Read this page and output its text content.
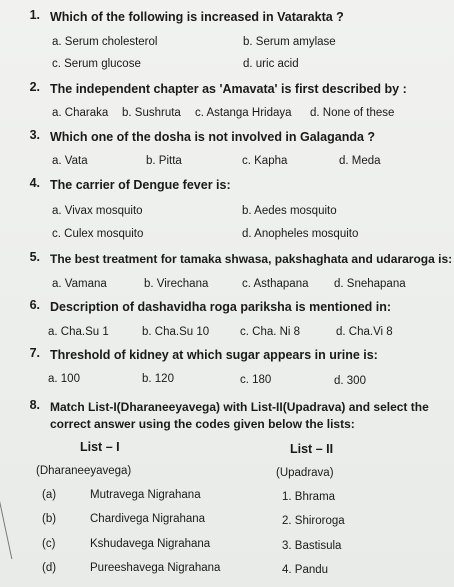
1. Which of the following is increased in Vatarakta ?
a. Serum cholesterol	b. Serum amylase
c. Serum glucose	d. uric acid
2. The independent chapter as 'Amavata' is first described by :
a. Charaka b. Sushruta c. Astanga Hridaya d. None of these
3. Which one of the dosha is not involved in Galaganda ?
a. Vata	b. Pitta	c. Kapha	d. Meda
4. The carrier of Dengue fever is:
a. Vivax mosquito	b. Aedes mosquito
c. Culex mosquito	d. Anopheles mosquito
5. The best treatment for tamaka shwasa, pakshaghata and udararoga is:
a. Vamana	b. Virechana	c. Asthapana d. Snehapana
6. Description of dashavidha roga pariksha is mentioned in:
a. Cha.Su 1	b. Cha.Su 10	c. Cha. Ni 8	d. Cha.Vi 8
7. Threshold of kidney at which sugar appears in urine is:
a. 100	b. 120	c. 180	d. 300
8. Match List-I(Dharaneeyavega) with List-II(Upadrava) and select the
correct answer using the codes given below the lists:
List – I	List – II
(Dharaneeyavega)	(Upadrava)
(a)	Mutravega Nigrahana	1. Bhrama
(b)	Chardivega Nigrahana	2. Shiroroga
(c)	Kshudavega Nigrahana	3. Bastisula
(d)	Pureeshavega Nigrahana	4. Pandu
